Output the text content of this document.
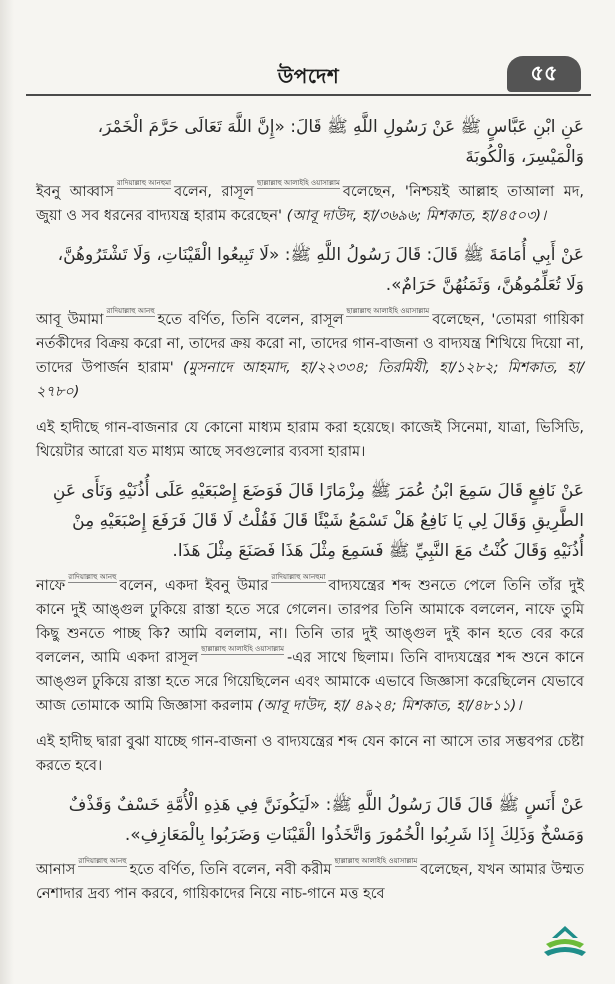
উপদেশ	৫৫

عَنِ ابْنِ عَبَّاسٍ ﷺ عَنْ رَسُولِ اللَّهِ ﷺ قَالَ: «إِنَّ اللَّهَ تَعَالَى حَرَّمَ الْخَمْرَ، وَالْمَيْسِرَ، وَالْكُوبَةَ

ইবনু আব্বাসরাদিয়াল্লাহু আনহুমাবলেন, রাসূলছাল্লাল্লাহু আলাইহি ওয়াসাল্লামবলেছেন, 'নিশ্চয়ই আল্লাহ তাআলা মদ, জুয়া ও সব ধরনের বাদ্যযন্ত্র হারাম করেছেন' (আবূ দাউদ, হা/৩৬৯৬; মিশকাত, হা/৪৫০৩)।

عَنْ أَبِي أُمَامَةَ ﷺ قَالَ: قَالَ رَسُولُ اللَّهِ ﷺ: «لَا تَبِيعُوا الْقَيْنَاتِ، وَلَا تَشْتَرُوهُنَّ، وَلَا تُعَلِّمُوهُنَّ، وَثَمَنُهُنَّ حَرَامٌ».

আবূ উমামারাদিয়াল্লাহু আনহুহতে বর্ণিত, তিনি বলেন, রাসূলছাল্লাল্লাহু আলাইহি ওয়াসাল্লামবলেছেন, 'তোমরা গায়িকা নর্তকীদের বিক্রয় করো না, তাদের ক্রয় করো না, তাদের গান-বাজনা ও বাদ্যযন্ত্র শিখিয়ে দিয়ো না, তাদের উপার্জন হারাম' (মুসনাদে আহমাদ, হা/২২৩৩৪; তিরমিযী, হা/১২৮২; মিশকাত, হা/২৭৮০)

এই হাদীছে গান-বাজনার যে কোনো মাধ্যম হারাম করা হয়েছে। কাজেই সিনেমা, যাত্রা, ভিসিডি, থিয়েটার আরো যত মাধ্যম আছে সবগুলোর ব্যবসা হারাম।

عَنْ نَافِعٍ قَالَ سَمِعَ ابْنُ عُمَرَ ﷺ مِزْمَارًا قَالَ فَوَضَعَ إِصْبَعَيْهِ عَلَى أُذُنَيْهِ وَنَأَى عَنِ الطَّرِيقِ وَقَالَ لِي يَا نَافِعُ هَلْ تَسْمَعُ شَيْئًا قَالَ فَقُلْتُ لَا قَالَ فَرَفَعَ إِصْبَعَيْهِ مِنْ أُذُنَيْهِ وَقَالَ كُنْتُ مَعَ النَّبِيِّ ﷺ فَسَمِعَ مِثْلَ هَذَا فَصَنَعَ مِثْلَ هَذَا.

নাফেরাদিয়াল্লাহু আনহুবলেন, একদা ইবনু উমাররাদিয়াল্লাহু আনহুমাবাদ্যযন্ত্রের শব্দ শুনতে পেলে তিনি তাঁর দুই কানে দুই আঙ্গুল ঢুকিয়ে রাস্তা হতে সরে গেলেন। তারপর তিনি আমাকে বললেন, নাফে তুমি কিছু শুনতে পাচ্ছ কি? আমি বললাম, না। তিনি তার দুই আঙ্গুল দুই কান হতে বের করে বললেন, আমি একদা রাসূলছাল্লাল্লাহু আলাইহি ওয়াসাল্লাম-এর সাথে ছিলাম। তিনি বাদ্যযন্ত্রের শব্দ শুনে কানে আঙ্গুল ঢুকিয়ে রাস্তা হতে সরে গিয়েছিলেন এবং আমাকে এভাবে জিজ্ঞাসা করেছিলেন যেভাবে আজ তোমাকে আমি জিজ্ঞাসা করলাম (আবূ দাউদ, হা/ ৪৯২৪; মিশকাত, হা/৪৮১১)।

এই হাদীছ দ্বারা বুঝা যাচ্ছে গান-বাজনা ও বাদ্যযন্ত্রের শব্দ যেন কানে না আসে তার সম্ভবপর চেষ্টা করতে হবে।

عَنْ أَنَسٍ ﷺ قَالَ قَالَ رَسُولُ اللَّهِ ﷺ: «لَيَكُونَنَّ فِي هَذِهِ الْأُمَّةِ خَسْفٌ وَقَذْفٌ وَمَسْخٌ وَذَلِكَ إِذَا شَرِبُوا الْخُمُورَ وَاتَّخَذُوا الْقَيْنَاتِ وَضَرَبُوا بِالْمَعَازِفِ».

আনাসরাদিয়াল্লাহু আনহুহতে বর্ণিত, তিনি বলেন, নবী করীমছাল্লাল্লাহু আলাইহি ওয়াসাল্লামবলেছেন, যখন আমার উম্মত নেশাদার দ্রব্য পান করবে, গায়িকাদের নিয়ে নাচ-গানে মত্ত হবে
